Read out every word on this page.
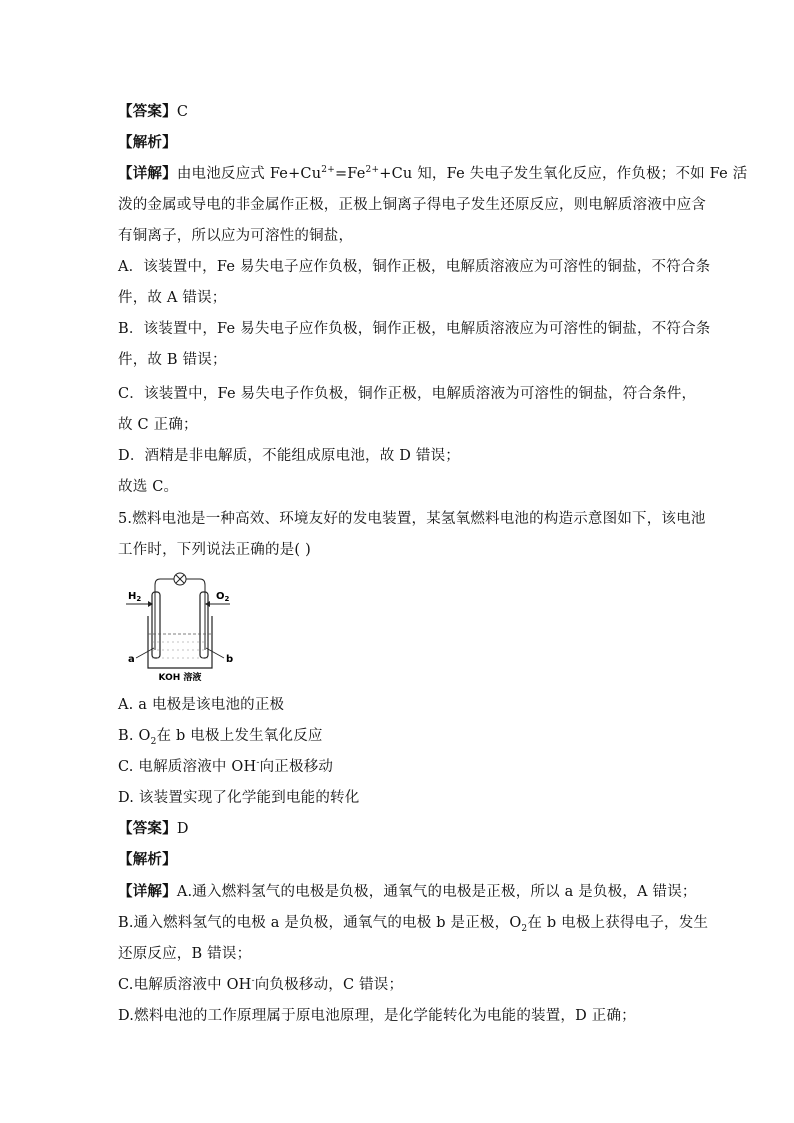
【答案】C
【解析】
【详解】由电池反应式 $Fe+Cu^{2+}=Fe^{2+}+Cu$ 知，Fe 失电子发生氧化反应，作负极；不如 Fe 活
泼的金属或导电的非金属作正极，正极上铜离子得电子发生还原反应，则电解质溶液中应含
有铜离子，所以应为可溶性的铜盐，
A．该装置中，Fe 易失电子应作负极，铜作正极，电解质溶液应为可溶性的铜盐，不符合条
件，故 A 错误；
B．该装置中，Fe 易失电子应作负极，铜作正极，电解质溶液应为可溶性的铜盐，不符合条
件，故 B 错误；
C．该装置中，Fe 易失电子作负极，铜作正极，电解质溶液为可溶性的铜盐，符合条件，
故 C 正确；
D．酒精是非电解质，不能组成原电池，故 D 错误；
故选 C。
5.燃料电池是一种高效、环境友好的发电装置，某氢氧燃料电池的构造示意图如下，该电池
工作时，下列说法正确的是( )
$H_2$	$O_2$
a	b
KOH 溶液
A. a 电极是该电池的正极
B. $O_2$在 b 电极上发生氧化反应
C. 电解质溶液中 OH-向正极移动
D. 该装置实现了化学能到电能的转化
【答案】D
【解析】
【详解】A.通入燃料氢气的电极是负极，通氧气的电极是正极，所以 a 是负极，A 错误；
B.通入燃料氢气的电极 a 是负极，通氧气的电极 b 是正极，$O_2$在 b 电极上获得电子，发生
还原反应，B 错误；
C.电解质溶液中 OH-向负极移动，C 错误；
D.燃料电池的工作原理属于原电池原理，是化学能转化为电能的装置，D 正确；
